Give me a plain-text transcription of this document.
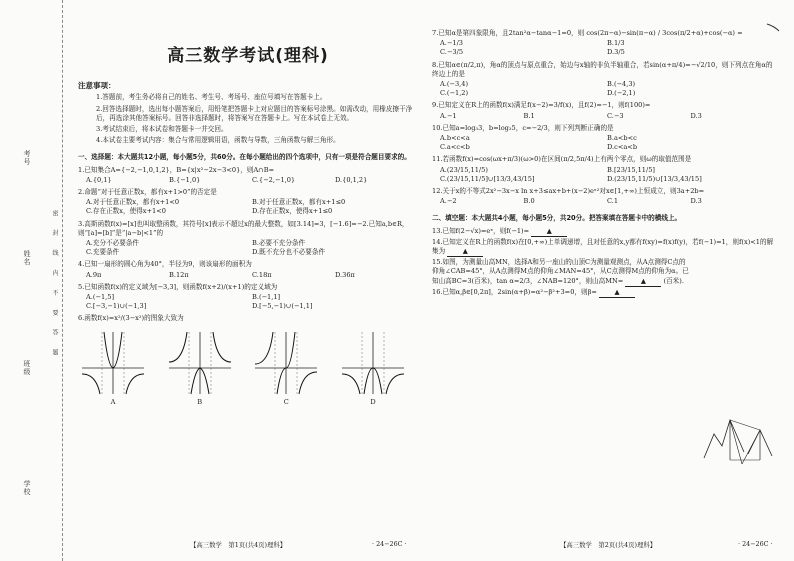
考号
姓名
班级
学校
密 封 线 内 不 要 答 题
高三数学考试(理科)
注意事项：
1.答题前，考生务必将自己的姓名、考生号、考场号、座位号填写在答题卡上。
2.回答选择题时，选出每小题答案后，用铅笔把答题卡上对应题目的答案标号涂黑。如需改动，用橡皮擦干净后，再选涂其他答案标号。回答非选择题时，将答案写在答题卡上。写在本试卷上无效。
3.考试结束后，将本试卷和答题卡一并交回。
4.本试卷主要考试内容：集合与常用逻辑用语，函数与导数，三角函数与解三角形。
一、选择题：本大题共12小题，每小题5分，共60分。在每小题给出的四个选项中，只有一项是符合题目要求的。
1.已知集合A={−2,−1,0,1,2}，B={x|x²−2x−3<0}，则A∩B=
A.{0,1}	B.{−1,0}	C.{−2,−1,0}	D.{0,1,2}
2.命题“对于任意正数x，都有x+1>0”的否定是
A.对于任意正数x，都有x+1<0	B.对于任意正数x，都有x+1≤0
C.存在正数x，使得x+1<0	D.存在正数x，使得x+1≤0
3.高斯函数f(x)=[x]也叫取整函数，其符号[x]表示不超过x的最大整数，如[3.14]=3，[−1.6]=−2.已知a,b∈R，则“[a]=[b]”是“|a−b|<1”的
A.充分不必要条件	B.必要不充分条件
C.充要条件	D.既不充分也不必要条件
4.已知一扇形的圆心角为40°，半径为9，则该扇形的面积为
A.9π	B.12π	C.18π	D.36π
5.已知函数f(x)的定义域为[−3,3]，则函数f(x+2)/(x+1)的定义域为
A.(−1,5]	B.(−1,1]
C.[−3,−1)∪(−1,3]	D.[−5,−1)∪(−1,1]
6.函数f(x)=x²/(3−x²)的图象大致为
A	B	C	D
【高三数学　第1页(共4页)理科】	· 24−26C ·
7.已知α是第四象限角，且2tan²α−tanα−1=0，则 cos(2π−α)−sin(π−α) / 3cos(π/2+α)+cos(−α) =
A.−1/3	B.1/3
C.−3/5	D.3/5
8.已知α∈(π/2,π)，角α的顶点与原点重合，始边与x轴的非负半轴重合，若sin(α+π/4)=−√2/10，则下列点在角α的终边上的是
A.(−3,4)	B.(−4,3)
C.(−1,2)	D.(−2,1)
9.已知定义在R上的函数f(x)满足f(x−2)=3/f(x)，且f(2)=−1，则f(100)=
A.−1	B.1	C.−3	D.3
10.已知a=log₃3，b=log₃5，c=−2/3，则下列判断正确的是
A.b<c<a	B.a<b<c
C.a<c<b	D.c<a<b
11.若函数f(x)=cos(ωx+π/3)(ω>0)在区间(π/2,5π/4)上有两个零点，则ω的取值范围是
A.(23/15,11/5)	B.[23/15,11/5]
C.(23/15,11/5]∪[13/3,43/15]	D.(23/15,11/5)∪[13/3,43/15]
12.关于x的不等式2x²−3x−x ln x+3≤ax+b+(x−2)eˣ²对x∈[1,+∞)上恒成立，则3a+2b=
A.−2	B.0	C.1	D.3
二、填空题：本大题共4小题，每小题5分，共20分。把答案填在答题卡中的横线上。
13.已知f(2−√x)=eˣ，则f(−1)=	▲
14.已知定义在R上的函数f(x)在[0,+∞)上单调递增，且对任意的x,y都有f(xy)=f(x)f(y)，若f(−1)=1，则f(x)<1的解集为	▲
15.如图，为测量山高MN，选择A和另一座山的山顶C为测量观测点，从A点测得C点的仰角∠CAB=45°，从A点测得M点的仰角∠MAN=45°，从C点测得M点的仰角为α。已知山高BC=3(百米)，tan α=2/3，∠NAB=120°，则山高MN=	▲	(百米).
16.已知α,β∈[0,2π]，2sin(α+β)=α²−β²+3=0，则β=	▲
【高三数学　第2页(共4页)理科】	· 24−26C ·
